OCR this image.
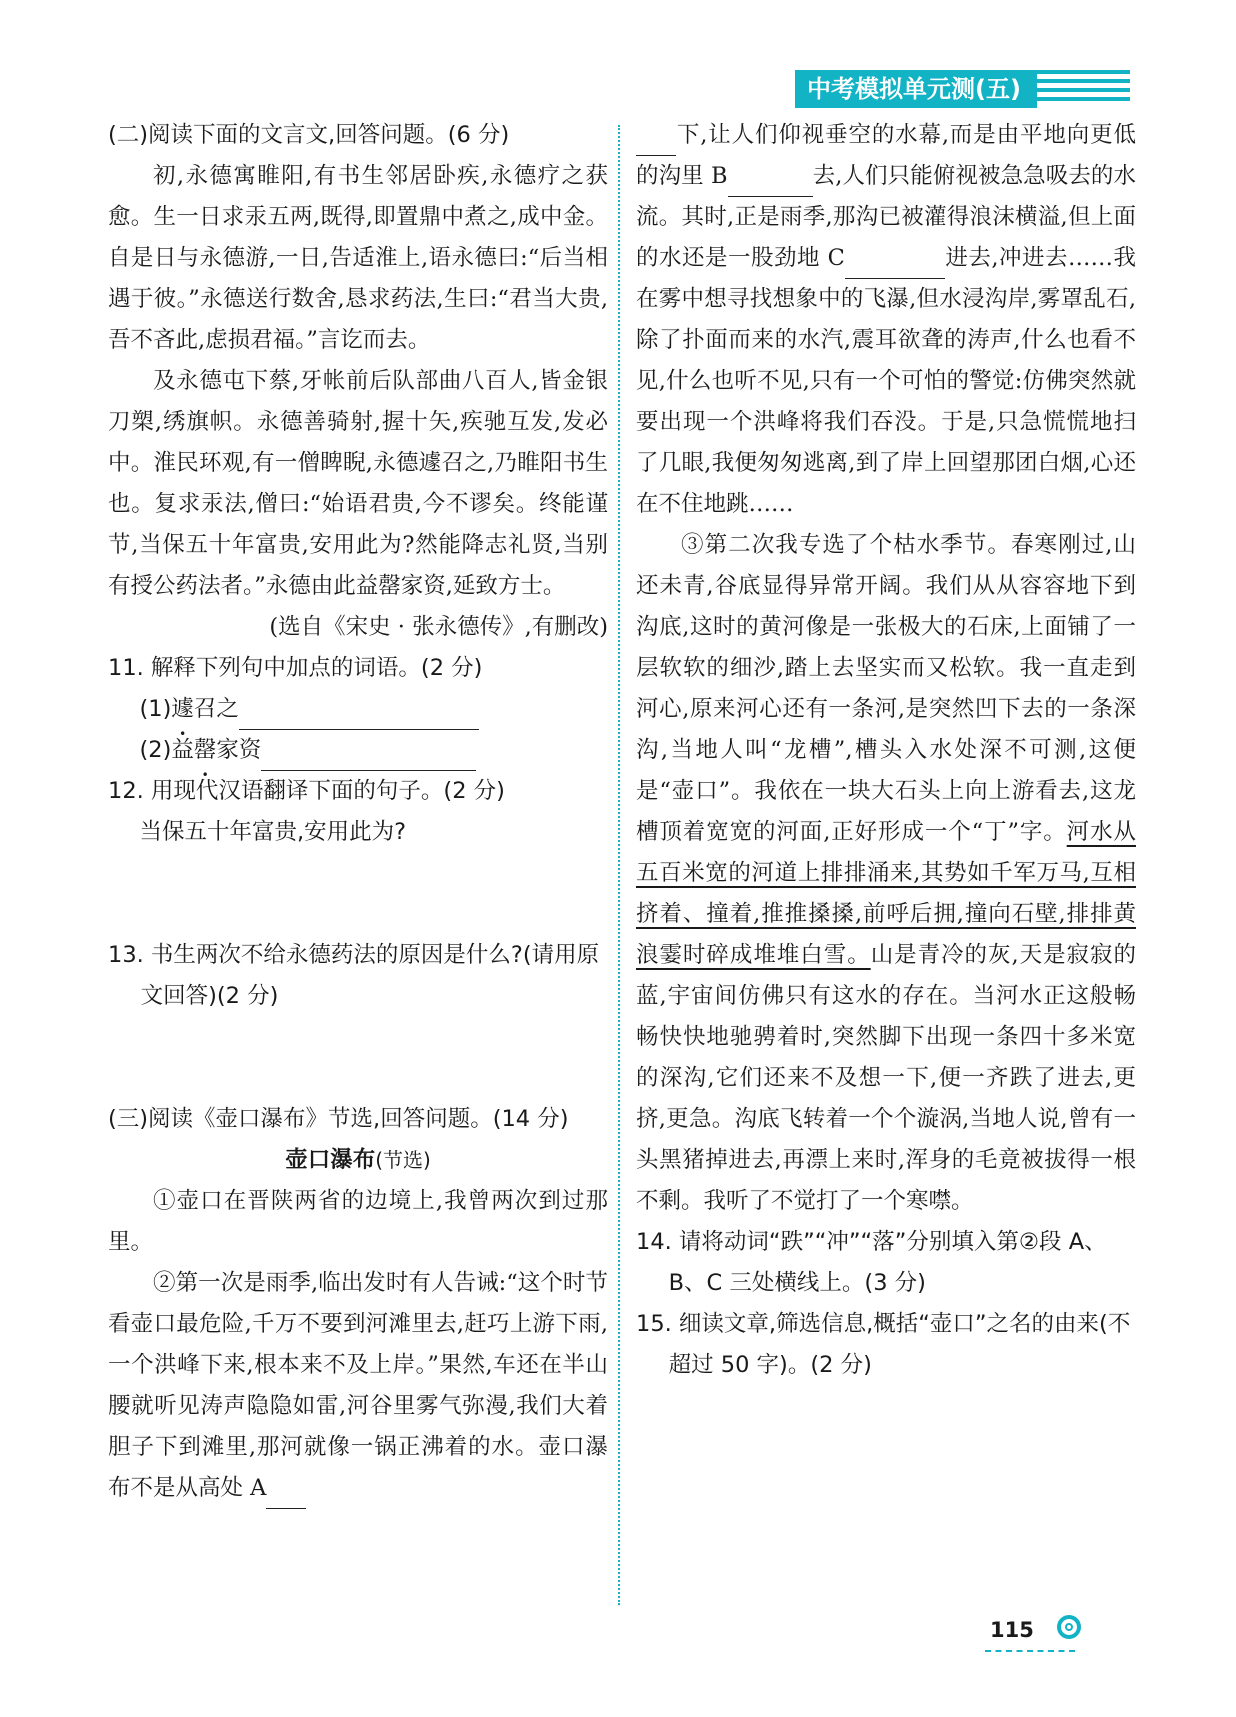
中考模拟单元测(五)

(二)阅读下面的文言文,回答问题。(6 分)

初,永德寓睢阳,有书生邻居卧疾,永德疗之获愈。生一日求汞五两,既得,即置鼎中煮之,成中金。自是日与永德游,一日,告适淮上,语永德曰:“后当相遇于彼。”永德送行数舍,恳求药法,生曰:“君当大贵,吾不吝此,虑损君福。”言讫而去。

及永德屯下蔡,牙帐前后队部曲八百人,皆金银刀槊,绣旗帜。永德善骑射,握十矢,疾驰互发,发必中。淮民环观,有一僧睥睨,永德遽召之,乃睢阳书生也。复求汞法,僧曰:“始语君贵,今不谬矣。终能谨节,当保五十年富贵,安用此为?然能降志礼贤,当别有授公药法者。”永德由此益罄家资,延致方士。

(选自《宋史 · 张永德传》,有删改)

11. 解释下列句中加点的词语。(2 分)

(1)遽召之

(2)益罄家资

12. 用现代汉语翻译下面的句子。(2 分)

当保五十年富贵,安用此为?

13. 书生两次不给永德药法的原因是什么?(请用原文回答)(2 分)

(三)阅读《壶口瀑布》节选,回答问题。(14 分)

壶口瀑布(节选)

①壶口在晋陕两省的边境上,我曾两次到过那里。

②第一次是雨季,临出发时有人告诫:“这个时节看壶口最危险,千万不要到河滩里去,赶巧上游下雨,一个洪峰下来,根本来不及上岸。”果然,车还在半山腰就听见涛声隐隐如雷,河谷里雾气弥漫,我们大着胆子下到滩里,那河就像一锅正沸着的水。壶口瀑布不是从高处 A

下,让人们仰视垂空的水幕,而是由平地向更低的沟里 B	去,人们只能俯视被急急吸去的水流。其时,正是雨季,那沟已被灌得浪沫横溢,但上面的水还是一股劲地 C	进去,冲进去……我在雾中想寻找想象中的飞瀑,但水浸沟岸,雾罩乱石,除了扑面而来的水汽,震耳欲聋的涛声,什么也看不见,什么也听不见,只有一个可怕的警觉:仿佛突然就要出现一个洪峰将我们吞没。于是,只急慌慌地扫了几眼,我便匆匆逃离,到了岸上回望那团白烟,心还在不住地跳……

③第二次我专选了个枯水季节。春寒刚过,山还未青,谷底显得异常开阔。我们从从容容地下到沟底,这时的黄河像是一张极大的石床,上面铺了一层软软的细沙,踏上去坚实而又松软。我一直走到河心,原来河心还有一条河,是突然凹下去的一条深沟,当地人叫“龙槽”,槽头入水处深不可测,这便是“壶口”。我依在一块大石头上向上游看去,这龙槽顶着宽宽的河面,正好形成一个“丁”字。河水从五百米宽的河道上排排涌来,其势如千军万马,互相挤着、撞着,推推搡搡,前呼后拥,撞向石壁,排排黄浪霎时碎成堆堆白雪。山是青冷的灰,天是寂寂的蓝,宇宙间仿佛只有这水的存在。当河水正这般畅畅快快地驰骋着时,突然脚下出现一条四十多米宽的深沟,它们还来不及想一下,便一齐跌了进去,更挤,更急。沟底飞转着一个个漩涡,当地人说,曾有一头黑猪掉进去,再漂上来时,浑身的毛竟被拔得一根不剩。我听了不觉打了一个寒噤。

14. 请将动词“跌”“冲”“落”分别填入第②段 A、B、C 三处横线上。(3 分)

15. 细读文章,筛选信息,概括“壶口”之名的由来(不超过 50 字)。(2 分)

115
